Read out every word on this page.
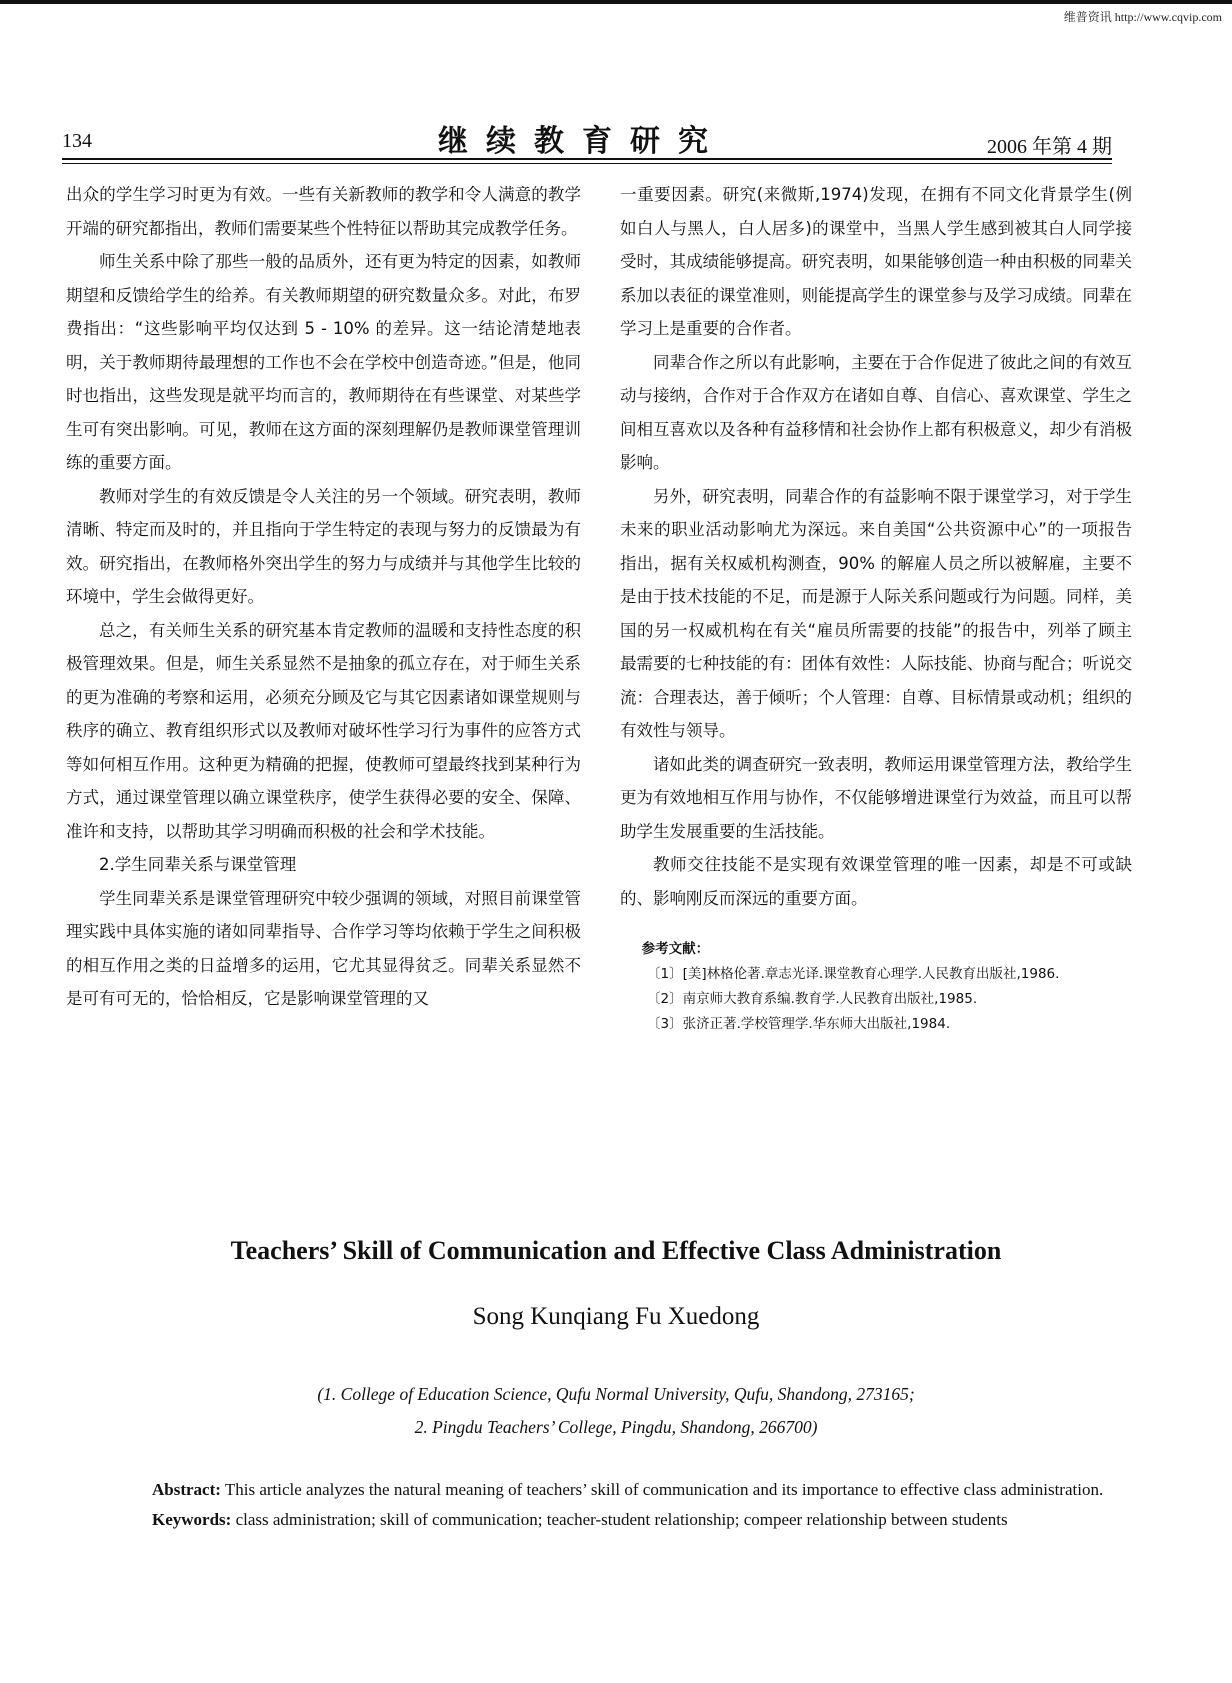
维普资讯 http://www.cqvip.com
134	继续教育研究	2006 年第 4 期

出众的学生学习时更为有效。一些有关新教师的教学和令人满意的教学开端的研究都指出，教师们需要某些个性特征以帮助其完成教学任务。

师生关系中除了那些一般的品质外，还有更为特定的因素，如教师期望和反馈给学生的给养。有关教师期望的研究数量众多。对此，布罗费指出：“这些影响平均仅达到 5 - 10% 的差异。这一结论清楚地表明，关于教师期待最理想的工作也不会在学校中创造奇迹。”但是，他同时也指出，这些发现是就平均而言的，教师期待在有些课堂、对某些学生可有突出影响。可见，教师在这方面的深刻理解仍是教师课堂管理训练的重要方面。

教师对学生的有效反馈是令人关注的另一个领域。研究表明，教师清晰、特定而及时的，并且指向于学生特定的表现与努力的反馈最为有效。研究指出，在教师格外突出学生的努力与成绩并与其他学生比较的环境中，学生会做得更好。

总之，有关师生关系的研究基本肯定教师的温暖和支持性态度的积极管理效果。但是，师生关系显然不是抽象的孤立存在，对于师生关系的更为准确的考察和运用，必须充分顾及它与其它因素诸如课堂规则与秩序的确立、教育组织形式以及教师对破坏性学习行为事件的应答方式等如何相互作用。这种更为精确的把握，使教师可望最终找到某种行为方式，通过课堂管理以确立课堂秩序，使学生获得必要的安全、保障、准许和支持，以帮助其学习明确而积极的社会和学术技能。

2.学生同辈关系与课堂管理

学生同辈关系是课堂管理研究中较少强调的领域，对照目前课堂管理实践中具体实施的诸如同辈指导、合作学习等均依赖于学生之间积极的相互作用之类的日益增多的运用，它尤其显得贫乏。同辈关系显然不是可有可无的，恰恰相反，它是影响课堂管理的又

一重要因素。研究(来微斯,1974)发现，在拥有不同文化背景学生(例如白人与黑人，白人居多)的课堂中，当黑人学生感到被其白人同学接受时，其成绩能够提高。研究表明，如果能够创造一种由积极的同辈关系加以表征的课堂准则，则能提高学生的课堂参与及学习成绩。同辈在学习上是重要的合作者。

同辈合作之所以有此影响，主要在于合作促进了彼此之间的有效互动与接纳，合作对于合作双方在诸如自尊、自信心、喜欢课堂、学生之间相互喜欢以及各种有益移情和社会协作上都有积极意义，却少有消极影响。

另外，研究表明，同辈合作的有益影响不限于课堂学习，对于学生未来的职业活动影响尤为深远。来自美国“公共资源中心”的一项报告指出，据有关权威机构测查，90% 的解雇人员之所以被解雇，主要不是由于技术技能的不足，而是源于人际关系问题或行为问题。同样，美国的另一权威机构在有关“雇员所需要的技能”的报告中，列举了顾主最需要的七种技能的有：团体有效性：人际技能、协商与配合；听说交流：合理表达，善于倾听；个人管理：自尊、目标情景或动机；组织的有效性与领导。

诸如此类的调查研究一致表明，教师运用课堂管理方法，教给学生更为有效地相互作用与协作，不仅能够增进课堂行为效益，而且可以帮助学生发展重要的生活技能。

教师交往技能不是实现有效课堂管理的唯一因素，却是不可或缺的、影响刚反而深远的重要方面。

参考文献：
〔1〕[美]林格伦著.章志光译.课堂教育心理学.人民教育出版社,1986.
〔2〕南京师大教育系编.教育学.人民教育出版社,1985.
〔3〕张济正著.学校管理学.华东师大出版社,1984.
Teachers’ Skill of Communication and Effective Class Administration
Song Kunqiang Fu Xuedong
(1. College of Education Science, Qufu Normal University, Qufu, Shandong, 273165;
2. Pingdu Teachers’ College, Pingdu, Shandong, 266700)

Abstract: This article analyzes the natural meaning of teachers’ skill of communication and its importance to effective class administration.

Keywords: class administration; skill of communication; teacher-student relationship; compeer relationship between students
